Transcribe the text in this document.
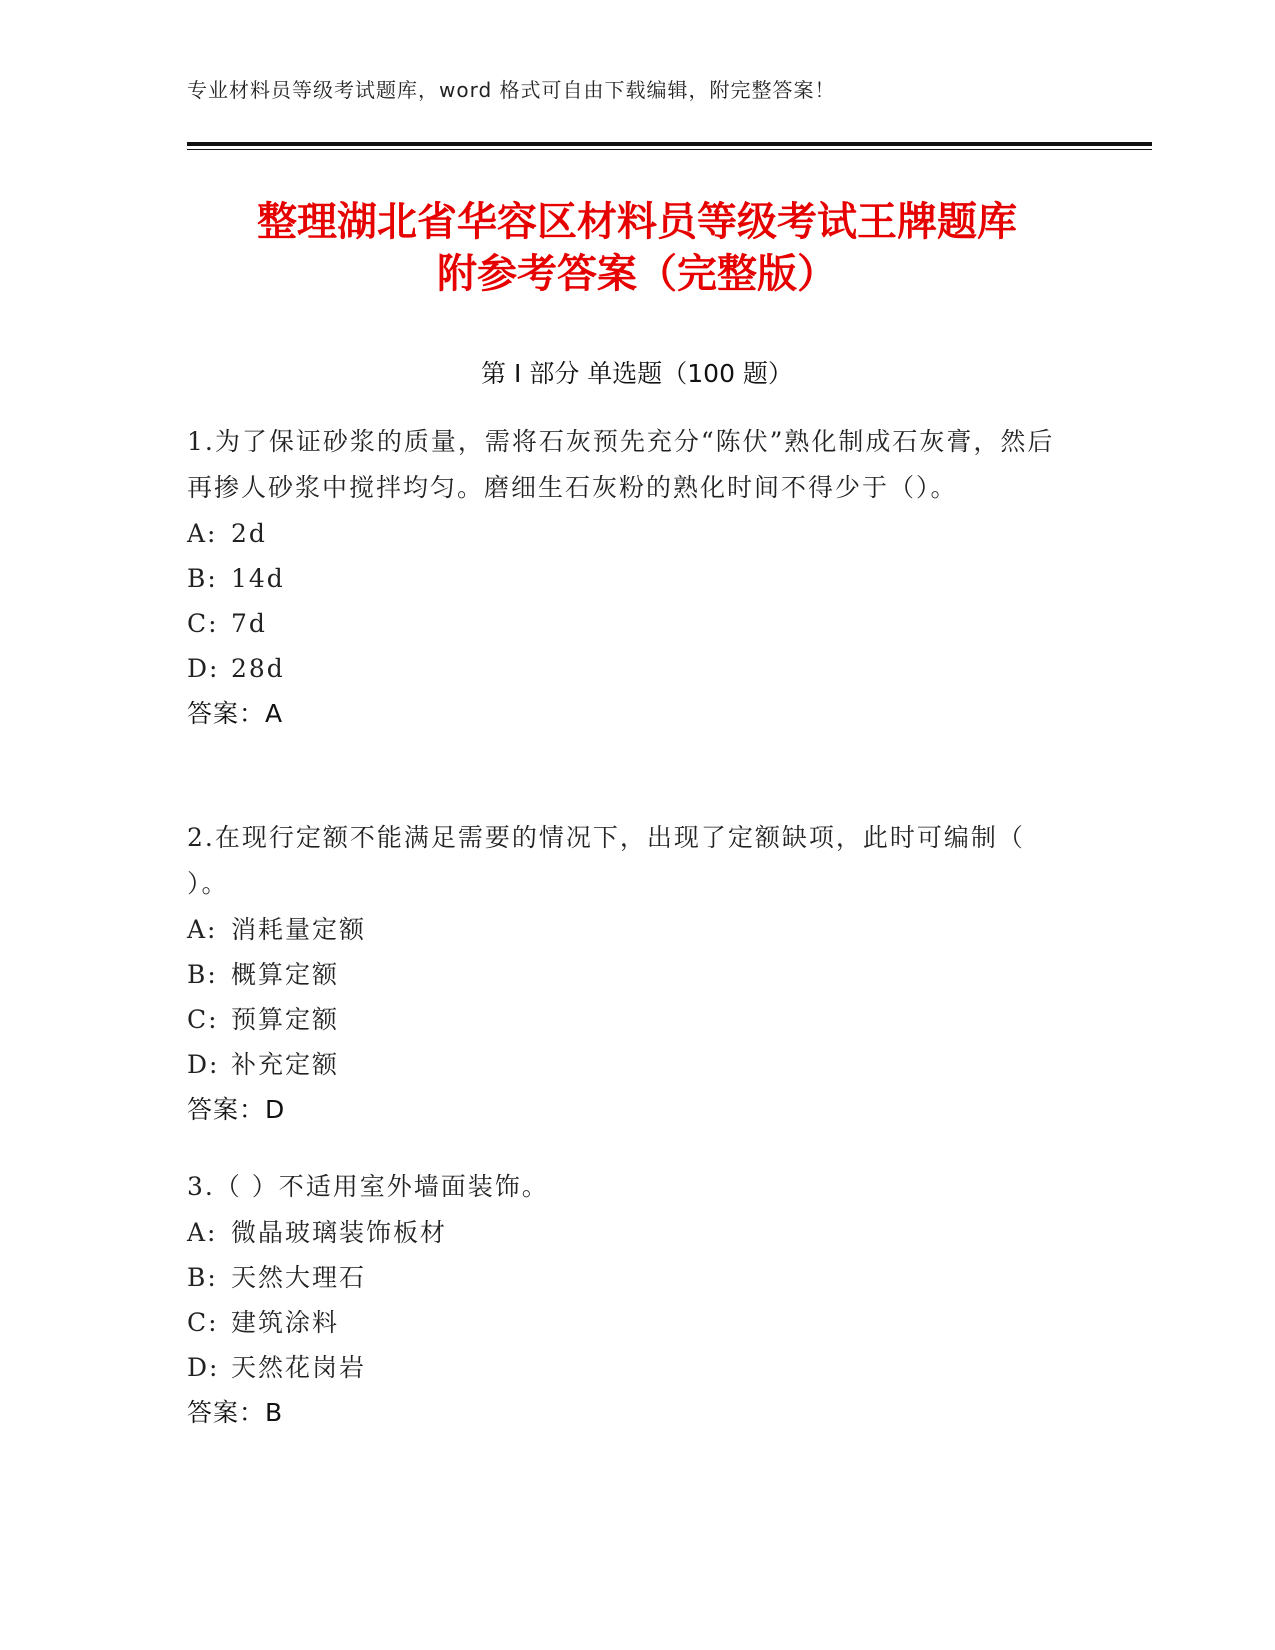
专业材料员等级考试题库，word 格式可自由下载编辑，附完整答案！
整理湖北省华容区材料员等级考试王牌题库
附参考答案（完整版）
第 I 部分 单选题（100 题）
1.为了保证砂浆的质量，需将石灰预先充分“陈伏”熟化制成石灰膏，然后再掺人砂浆中搅拌均匀。磨细生石灰粉的熟化时间不得少于（）。
A: 2d
B: 14d
C: 7d
D: 28d
答案：A
2.在现行定额不能满足需要的情况下，出现了定额缺项，此时可编制（ ）。
A: 消耗量定额
B: 概算定额
C: 预算定额
D: 补充定额
答案：D
3.（ ）不适用室外墙面装饰。
A: 微晶玻璃装饰板材
B: 天然大理石
C: 建筑涂料
D: 天然花岗岩
答案：B
